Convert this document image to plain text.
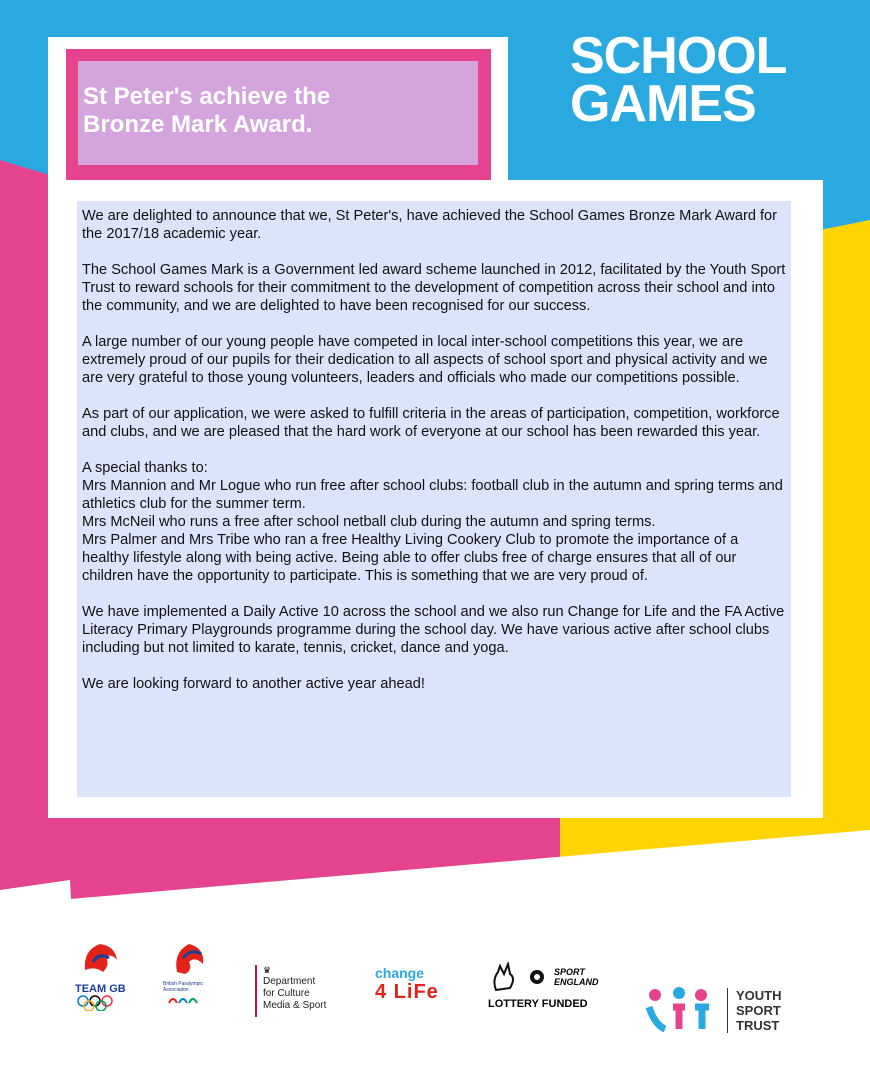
St Peter's achieve the
Bronze Mark Award.
SCHOOL
GAMES

We are delighted to announce that we, St Peter's, have achieved the School Games Bronze Mark Award for the 2017/18 academic year.

The School Games Mark is a Government led award scheme launched in 2012, facilitated by the Youth Sport Trust to reward schools for their commitment to the development of competition across their school and into the community, and we are delighted to have been recognised for our success.

A large number of our young people have competed in local inter-school competitions this year, we are extremely proud of our pupils for their dedication to all aspects of school sport and physical activity and we are very grateful to those young volunteers, leaders and officials who made our competitions possible.

As part of our application, we were asked to fulfill criteria in the areas of participation, competition, workforce and clubs, and we are pleased that the hard work of everyone at our school has been rewarded this year.

A special thanks to:
Mrs Mannion and Mr Logue who run free after school clubs: football club in the autumn and spring terms and athletics club for the summer term.
Mrs McNeil who runs a free after school netball club during the autumn and spring terms.
Mrs Palmer and Mrs Tribe who ran a free Healthy Living Cookery Club to promote the importance of a healthy lifestyle along with being active. Being able to offer clubs free of charge ensures that all of our children have the opportunity to participate. This is something that we are very proud of.

We have implemented a Daily Active 10 across the school and we also run Change for Life and the FA Active Literacy Primary Playgrounds programme during the school day. We have various active after school clubs including but not limited to karate, tennis, cricket, dance and yoga.

We are looking forward to another active year ahead!

TEAM GB	British Paralympic Association
♛
Department
for Culture
Media & Sport
change
4 LiFe
SPORT
ENGLAND
LOTTERY FUNDED
YOUTH
SPORT
TRUST
